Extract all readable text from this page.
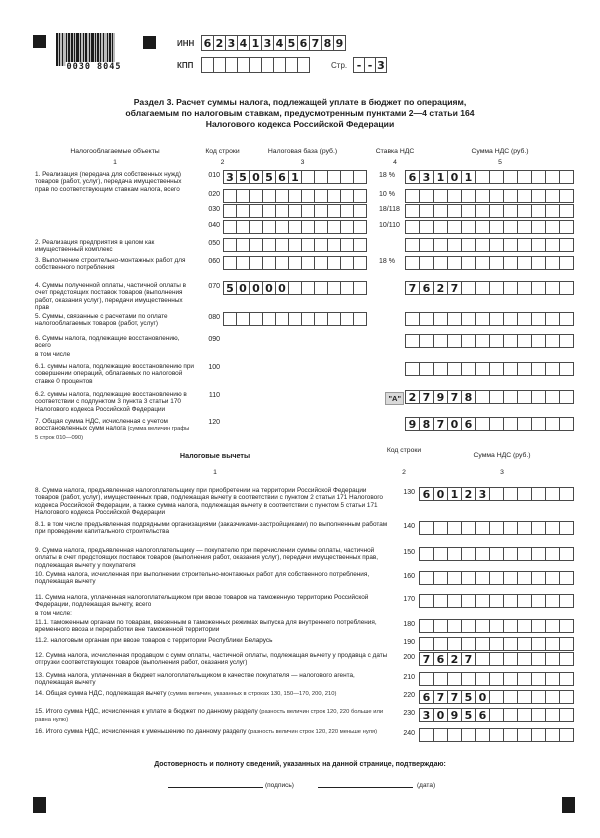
0030 8045
ИНН 6 2 3 4 1 3 4 5 6 7 8 9
КПП	Стр. - - 3
Раздел 3. Расчет суммы налога, подлежащей уплате в бюджет по операциям,
облагаемым по налоговым ставкам, предусмотренным пунктами 2—4 статьи 164
Налогового кодекса Российской Федерации
Налогооблагаемые объекты	Код строки	Налоговая база (руб.)	Ставка НДС	Сумма НДС (руб.)
1	2	3	4	5
1. Реализация (передача для собственных нужд) товаров (работ, услуг), передача имущественных прав по соответствующим ставкам налога, всего
010 3 5 0 5 6 1	18 %	6 3 1 0 1
020	10 %
030	18/118
040	10/110
2. Реализация предприятия в целом как имущественный комплекс
050
3. Выполнение строительно-монтажных работ для собственного потребления
060	18 %
4. Суммы полученной оплаты, частичной оплаты в счет предстоящих поставок товаров (выполнения работ, оказания услуг), передачи имущественных прав
070 5 0 0 0 0	7 6 2 7
5. Суммы, связанные с расчетами по оплате налогооблагаемых товаров (работ, услуг)
080
6. Суммы налога, подлежащие восстановлению, всего
в том числе
090
6.1. суммы налога, подлежащие восстановлению при совершении операций, облагаемых по налоговой ставке 0 процентов
100
6.2. суммы налога, подлежащие восстановлению в соответствии с подпунктом 3 пункта 3 статьи 170 Налогового кодекса Российской Федерации
110	"А" 2 7 9 7 8
7. Общая сумма НДС, исчисленная с учетом восстановленных сумм налога (сумма величин графы 5 строк 010—090)
120	9 8 7 0 6
Налоговые вычеты
Код строки
Сумма НДС (руб.)
1	2	3
8. Сумма налога, предъявленная налогоплательщику при приобретении на территории Российской Федерации товаров (работ, услуг), имущественных прав, подлежащая вычету в соответствии с пунктом 2 статьи 171 Налогового кодекса Российской Федерации, а также сумма налога, подлежащая вычету в соответствии с пунктом 5 статьи 171 Налогового кодекса Российской Федерации
130 6 0 1 2 3
8.1. в том числе предъявленная подрядными организациями (заказчиками-застройщиками) по выполненным работам при проведении капитального строительства
140
9. Сумма налога, предъявленная налогоплательщику — покупателю при перечислении суммы оплаты, частичной оплаты в счет предстоящих поставок товаров (выполнения работ, оказания услуг), передачи имущественных прав, подлежащая вычету у покупателя
150
10. Сумма налога, исчисленная при выполнении строительно-монтажных работ для собственного потребления, подлежащая вычету
160
11. Сумма налога, уплаченная налогоплательщиком при ввозе товаров на таможенную территорию Российской Федерации, подлежащая вычету, всего
в том числе:
170
11.1. таможенным органам по товарам, ввезенным в таможенных режимах выпуска для внутреннего потребления, временного ввоза и переработки вне таможенной территории
180
11.2. налоговым органам при ввозе товаров с территории Республики Беларусь	190
12. Сумма налога, исчисленная продавцом с сумм оплаты, частичной оплаты, подлежащая вычету у продавца с даты отгрузки соответствующих товаров (выполнения работ, оказания услуг)
200 7 6 2 7
13. Сумма налога, уплаченная в бюджет налогоплательщиком в качестве покупателя — налогового агента, подлежащая вычету
210
14. Общая сумма НДС, подлежащая вычету (сумма величин, указанных в строках 130, 150—170, 200, 210)	220 6 7 7 5 0
15. Итого сумма НДС, исчисленная к уплате в бюджет по данному разделу (разность величин строк 120, 220 больше или равна нулю)
230 3 0 9 5 6
16. Итого сумма НДС, исчисленная к уменьшению по данному разделу (разность величин строк 120, 220 меньше нуля)	240
Достоверность и полноту сведений, указанных на данной странице, подтверждаю:
(подпись)	(дата)
